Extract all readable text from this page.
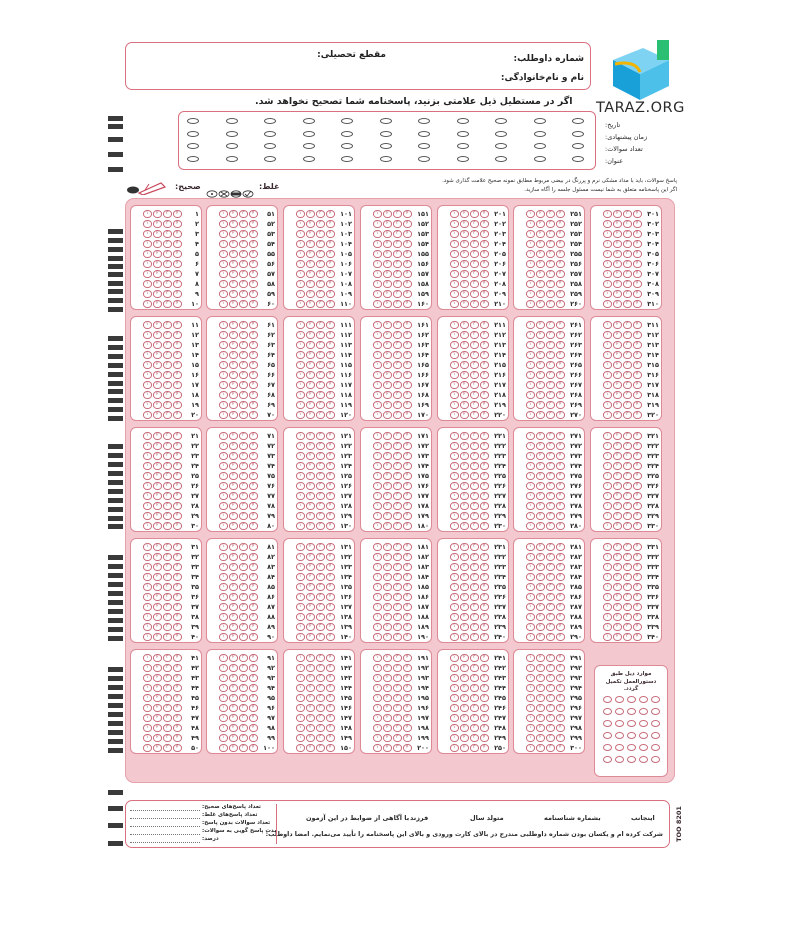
شماره داوطلب:
مقطع تحصیلی:
نام و نام‌خانوادگی:
TARAZ.ORG
اگر در مستطیل ذیل علامتی بزنید، پاسخنامه شما تصحیح نخواهد شد.
تاریخ:
زمان پیشنهادی:
تعداد سوالات:
عنوان:
پاسخ سوالات، باید با مداد مشکی نرم و پررنگ در بیضی مربوط مطابق نمونه صحیح علامت گذاری شود.
اگر این پاسخنامه متعلق به شما نیست مسئول جلسه را آگاه سازید.
صحیح:	غلط:
موارد ذیل طبق دستورالعمل تکمیل گردد.
تعداد پاسخ‌های صحیح:
تعداد پاسخ‌های غلط:
تعداد سوالات بدون پاسخ:
مدت پاسخ گویی به سوالات:
درصد:
با آگاهی از ضوابط در این آزمون فرزند	متولد سال	بشماره شناسنامه	اینجانب
شرکت کرده ام و یکسان بودن شماره داوطلبی مندرج در بالای کارت ورودی و بالای این پاسخنامه را تأیید می‌نمایم. امضا داوطلب: TOO 8201
۱	۲	۳	۴	۱
۱	۲	۳	۴	۲
۱	۲	۳	۴	۳
۱	۲	۳	۴	۴
۱	۲	۳	۴	۵
۱	۲	۳	۴	۶
۱	۲	۳	۴	۷
۱	۲	۳	۴	۸
۱	۲	۳	۴	۹
۱	۲	۳	۴	۱۰
۱	۲	۳	۴	۱۱
۱	۲	۳	۴	۱۲
۱	۲	۳	۴	۱۳
۱	۲	۳	۴	۱۴
۱	۲	۳	۴	۱۵
۱	۲	۳	۴	۱۶
۱	۲	۳	۴	۱۷
۱	۲	۳	۴	۱۸
۱	۲	۳	۴	۱۹
۱	۲	۳	۴	۲۰
۱	۲	۳	۴	۲۱
۱	۲	۳	۴	۲۲
۱	۲	۳	۴	۲۳
۱	۲	۳	۴	۲۴
۱	۲	۳	۴	۲۵
۱	۲	۳	۴	۲۶
۱	۲	۳	۴	۲۷
۱	۲	۳	۴	۲۸
۱	۲	۳	۴	۲۹
۱	۲	۳	۴	۳۰
۱	۲	۳	۴	۳۱
۱	۲	۳	۴	۳۲
۱	۲	۳	۴	۳۳
۱	۲	۳	۴	۳۴
۱	۲	۳	۴	۳۵
۱	۲	۳	۴	۳۶
۱	۲	۳	۴	۳۷
۱	۲	۳	۴	۳۸
۱	۲	۳	۴	۳۹
۱	۲	۳	۴	۴۰
۱	۲	۳	۴	۴۱
۱	۲	۳	۴	۴۲
۱	۲	۳	۴	۴۳
۱	۲	۳	۴	۴۴
۱	۲	۳	۴	۴۵
۱	۲	۳	۴	۴۶
۱	۲	۳	۴	۴۷
۱	۲	۳	۴	۴۸
۱	۲	۳	۴	۴۹
۱	۲	۳	۴	۵۰
۱	۲	۳	۴	۵۱
۱	۲	۳	۴	۵۲
۱	۲	۳	۴	۵۳
۱	۲	۳	۴	۵۴
۱	۲	۳	۴	۵۵
۱	۲	۳	۴	۵۶
۱	۲	۳	۴	۵۷
۱	۲	۳	۴	۵۸
۱	۲	۳	۴	۵۹
۱	۲	۳	۴	۶۰
۱	۲	۳	۴	۶۱
۱	۲	۳	۴	۶۲
۱	۲	۳	۴	۶۳
۱	۲	۳	۴	۶۴
۱	۲	۳	۴	۶۵
۱	۲	۳	۴	۶۶
۱	۲	۳	۴	۶۷
۱	۲	۳	۴	۶۸
۱	۲	۳	۴	۶۹
۱	۲	۳	۴	۷۰
۱	۲	۳	۴	۷۱
۱	۲	۳	۴	۷۲
۱	۲	۳	۴	۷۳
۱	۲	۳	۴	۷۴
۱	۲	۳	۴	۷۵
۱	۲	۳	۴	۷۶
۱	۲	۳	۴	۷۷
۱	۲	۳	۴	۷۸
۱	۲	۳	۴	۷۹
۱	۲	۳	۴	۸۰
۱	۲	۳	۴	۸۱
۱	۲	۳	۴	۸۲
۱	۲	۳	۴	۸۳
۱	۲	۳	۴	۸۴
۱	۲	۳	۴	۸۵
۱	۲	۳	۴	۸۶
۱	۲	۳	۴	۸۷
۱	۲	۳	۴	۸۸
۱	۲	۳	۴	۸۹
۱	۲	۳	۴	۹۰
۱	۲	۳	۴	۹۱
۱	۲	۳	۴	۹۲
۱	۲	۳	۴	۹۳
۱	۲	۳	۴	۹۴
۱	۲	۳	۴	۹۵
۱	۲	۳	۴	۹۶
۱	۲	۳	۴	۹۷
۱	۲	۳	۴	۹۸
۱	۲	۳	۴	۹۹
۱	۲	۳	۴	۱۰۰
۱	۲	۳	۴	۱۰۱
۱	۲	۳	۴	۱۰۲
۱	۲	۳	۴	۱۰۳
۱	۲	۳	۴	۱۰۴
۱	۲	۳	۴	۱۰۵
۱	۲	۳	۴	۱۰۶
۱	۲	۳	۴	۱۰۷
۱	۲	۳	۴	۱۰۸
۱	۲	۳	۴	۱۰۹
۱	۲	۳	۴	۱۱۰
۱	۲	۳	۴	۱۱۱
۱	۲	۳	۴	۱۱۲
۱	۲	۳	۴	۱۱۳
۱	۲	۳	۴	۱۱۴
۱	۲	۳	۴	۱۱۵
۱	۲	۳	۴	۱۱۶
۱	۲	۳	۴	۱۱۷
۱	۲	۳	۴	۱۱۸
۱	۲	۳	۴	۱۱۹
۱	۲	۳	۴	۱۲۰
۱	۲	۳	۴	۱۲۱
۱	۲	۳	۴	۱۲۲
۱	۲	۳	۴	۱۲۳
۱	۲	۳	۴	۱۲۴
۱	۲	۳	۴	۱۲۵
۱	۲	۳	۴	۱۲۶
۱	۲	۳	۴	۱۲۷
۱	۲	۳	۴	۱۲۸
۱	۲	۳	۴	۱۲۹
۱	۲	۳	۴	۱۳۰
۱	۲	۳	۴	۱۳۱
۱	۲	۳	۴	۱۳۲
۱	۲	۳	۴	۱۳۳
۱	۲	۳	۴	۱۳۴
۱	۲	۳	۴	۱۳۵
۱	۲	۳	۴	۱۳۶
۱	۲	۳	۴	۱۳۷
۱	۲	۳	۴	۱۳۸
۱	۲	۳	۴	۱۳۹
۱	۲	۳	۴	۱۴۰
۱	۲	۳	۴	۱۴۱
۱	۲	۳	۴	۱۴۲
۱	۲	۳	۴	۱۴۳
۱	۲	۳	۴	۱۴۴
۱	۲	۳	۴	۱۴۵
۱	۲	۳	۴	۱۴۶
۱	۲	۳	۴	۱۴۷
۱	۲	۳	۴	۱۴۸
۱	۲	۳	۴	۱۴۹
۱	۲	۳	۴	۱۵۰
۱	۲	۳	۴	۱۵۱
۱	۲	۳	۴	۱۵۲
۱	۲	۳	۴	۱۵۳
۱	۲	۳	۴	۱۵۴
۱	۲	۳	۴	۱۵۵
۱	۲	۳	۴	۱۵۶
۱	۲	۳	۴	۱۵۷
۱	۲	۳	۴	۱۵۸
۱	۲	۳	۴	۱۵۹
۱	۲	۳	۴	۱۶۰
۱	۲	۳	۴	۱۶۱
۱	۲	۳	۴	۱۶۲
۱	۲	۳	۴	۱۶۳
۱	۲	۳	۴	۱۶۴
۱	۲	۳	۴	۱۶۵
۱	۲	۳	۴	۱۶۶
۱	۲	۳	۴	۱۶۷
۱	۲	۳	۴	۱۶۸
۱	۲	۳	۴	۱۶۹
۱	۲	۳	۴	۱۷۰
۱	۲	۳	۴	۱۷۱
۱	۲	۳	۴	۱۷۲
۱	۲	۳	۴	۱۷۳
۱	۲	۳	۴	۱۷۴
۱	۲	۳	۴	۱۷۵
۱	۲	۳	۴	۱۷۶
۱	۲	۳	۴	۱۷۷
۱	۲	۳	۴	۱۷۸
۱	۲	۳	۴	۱۷۹
۱	۲	۳	۴	۱۸۰
۱	۲	۳	۴	۱۸۱
۱	۲	۳	۴	۱۸۲
۱	۲	۳	۴	۱۸۳
۱	۲	۳	۴	۱۸۴
۱	۲	۳	۴	۱۸۵
۱	۲	۳	۴	۱۸۶
۱	۲	۳	۴	۱۸۷
۱	۲	۳	۴	۱۸۸
۱	۲	۳	۴	۱۸۹
۱	۲	۳	۴	۱۹۰
۱	۲	۳	۴	۱۹۱
۱	۲	۳	۴	۱۹۲
۱	۲	۳	۴	۱۹۳
۱	۲	۳	۴	۱۹۴
۱	۲	۳	۴	۱۹۵
۱	۲	۳	۴	۱۹۶
۱	۲	۳	۴	۱۹۷
۱	۲	۳	۴	۱۹۸
۱	۲	۳	۴	۱۹۹
۱	۲	۳	۴	۲۰۰
۱	۲	۳	۴	۲۰۱
۱	۲	۳	۴	۲۰۲
۱	۲	۳	۴	۲۰۳
۱	۲	۳	۴	۲۰۴
۱	۲	۳	۴	۲۰۵
۱	۲	۳	۴	۲۰۶
۱	۲	۳	۴	۲۰۷
۱	۲	۳	۴	۲۰۸
۱	۲	۳	۴	۲۰۹
۱	۲	۳	۴	۲۱۰
۱	۲	۳	۴	۲۱۱
۱	۲	۳	۴	۲۱۲
۱	۲	۳	۴	۲۱۳
۱	۲	۳	۴	۲۱۴
۱	۲	۳	۴	۲۱۵
۱	۲	۳	۴	۲۱۶
۱	۲	۳	۴	۲۱۷
۱	۲	۳	۴	۲۱۸
۱	۲	۳	۴	۲۱۹
۱	۲	۳	۴	۲۲۰
۱	۲	۳	۴	۲۲۱
۱	۲	۳	۴	۲۲۲
۱	۲	۳	۴	۲۲۳
۱	۲	۳	۴	۲۲۴
۱	۲	۳	۴	۲۲۵
۱	۲	۳	۴	۲۲۶
۱	۲	۳	۴	۲۲۷
۱	۲	۳	۴	۲۲۸
۱	۲	۳	۴	۲۲۹
۱	۲	۳	۴	۲۳۰
۱	۲	۳	۴	۲۳۱
۱	۲	۳	۴	۲۳۲
۱	۲	۳	۴	۲۳۳
۱	۲	۳	۴	۲۳۴
۱	۲	۳	۴	۲۳۵
۱	۲	۳	۴	۲۳۶
۱	۲	۳	۴	۲۳۷
۱	۲	۳	۴	۲۳۸
۱	۲	۳	۴	۲۳۹
۱	۲	۳	۴	۲۴۰
۱	۲	۳	۴	۲۴۱
۱	۲	۳	۴	۲۴۲
۱	۲	۳	۴	۲۴۳
۱	۲	۳	۴	۲۴۴
۱	۲	۳	۴	۲۴۵
۱	۲	۳	۴	۲۴۶
۱	۲	۳	۴	۲۴۷
۱	۲	۳	۴	۲۴۸
۱	۲	۳	۴	۲۴۹
۱	۲	۳	۴	۲۵۰
۱	۲	۳	۴	۲۵۱
۱	۲	۳	۴	۲۵۲
۱	۲	۳	۴	۲۵۳
۱	۲	۳	۴	۲۵۴
۱	۲	۳	۴	۲۵۵
۱	۲	۳	۴	۲۵۶
۱	۲	۳	۴	۲۵۷
۱	۲	۳	۴	۲۵۸
۱	۲	۳	۴	۲۵۹
۱	۲	۳	۴	۲۶۰
۱	۲	۳	۴	۲۶۱
۱	۲	۳	۴	۲۶۲
۱	۲	۳	۴	۲۶۳
۱	۲	۳	۴	۲۶۴
۱	۲	۳	۴	۲۶۵
۱	۲	۳	۴	۲۶۶
۱	۲	۳	۴	۲۶۷
۱	۲	۳	۴	۲۶۸
۱	۲	۳	۴	۲۶۹
۱	۲	۳	۴	۲۷۰
۱	۲	۳	۴	۲۷۱
۱	۲	۳	۴	۲۷۲
۱	۲	۳	۴	۲۷۳
۱	۲	۳	۴	۲۷۴
۱	۲	۳	۴	۲۷۵
۱	۲	۳	۴	۲۷۶
۱	۲	۳	۴	۲۷۷
۱	۲	۳	۴	۲۷۸
۱	۲	۳	۴	۲۷۹
۱	۲	۳	۴	۲۸۰
۱	۲	۳	۴	۲۸۱
۱	۲	۳	۴	۲۸۲
۱	۲	۳	۴	۲۸۳
۱	۲	۳	۴	۲۸۴
۱	۲	۳	۴	۲۸۵
۱	۲	۳	۴	۲۸۶
۱	۲	۳	۴	۲۸۷
۱	۲	۳	۴	۲۸۸
۱	۲	۳	۴	۲۸۹
۱	۲	۳	۴	۲۹۰
۱	۲	۳	۴	۲۹۱
۱	۲	۳	۴	۲۹۲
۱	۲	۳	۴	۲۹۳
۱	۲	۳	۴	۲۹۴
۱	۲	۳	۴	۲۹۵
۱	۲	۳	۴	۲۹۶
۱	۲	۳	۴	۲۹۷
۱	۲	۳	۴	۲۹۸
۱	۲	۳	۴	۲۹۹
۱	۲	۳	۴	۳۰۰
۱	۲	۳	۴	۳۰۱
۱	۲	۳	۴	۳۰۲
۱	۲	۳	۴	۳۰۳
۱	۲	۳	۴	۳۰۴
۱	۲	۳	۴	۳۰۵
۱	۲	۳	۴	۳۰۶
۱	۲	۳	۴	۳۰۷
۱	۲	۳	۴	۳۰۸
۱	۲	۳	۴	۳۰۹
۱	۲	۳	۴	۳۱۰
۱	۲	۳	۴	۳۱۱
۱	۲	۳	۴	۳۱۲
۱	۲	۳	۴	۳۱۳
۱	۲	۳	۴	۳۱۴
۱	۲	۳	۴	۳۱۵
۱	۲	۳	۴	۳۱۶
۱	۲	۳	۴	۳۱۷
۱	۲	۳	۴	۳۱۸
۱	۲	۳	۴	۳۱۹
۱	۲	۳	۴	۳۲۰
۱	۲	۳	۴	۳۲۱
۱	۲	۳	۴	۳۲۲
۱	۲	۳	۴	۳۲۳
۱	۲	۳	۴	۳۲۴
۱	۲	۳	۴	۳۲۵
۱	۲	۳	۴	۳۲۶
۱	۲	۳	۴	۳۲۷
۱	۲	۳	۴	۳۲۸
۱	۲	۳	۴	۳۲۹
۱	۲	۳	۴	۳۳۰
۱	۲	۳	۴	۳۳۱
۱	۲	۳	۴	۳۳۲
۱	۲	۳	۴	۳۳۳
۱	۲	۳	۴	۳۳۴
۱	۲	۳	۴	۳۳۵
۱	۲	۳	۴	۳۳۶
۱	۲	۳	۴	۳۳۷
۱	۲	۳	۴	۳۳۸
۱	۲	۳	۴	۳۳۹
۱	۲	۳	۴	۳۴۰
